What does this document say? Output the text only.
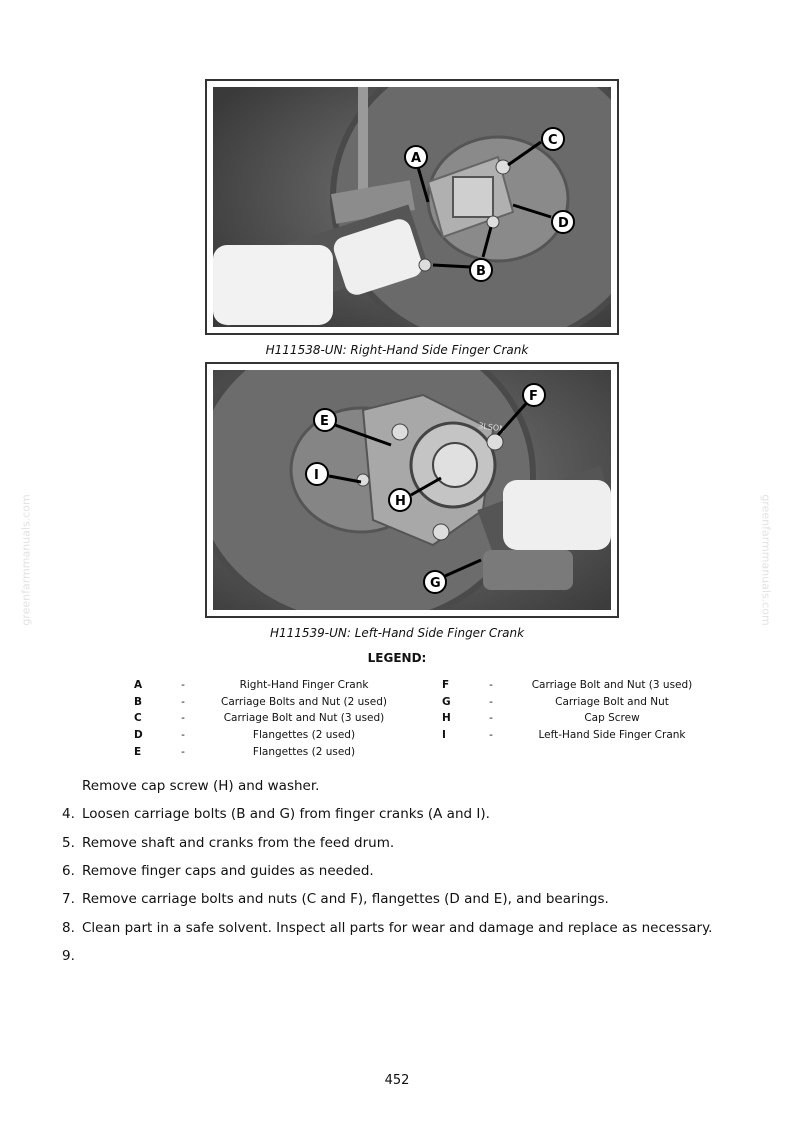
A
C
D
B
H111538-UN: Right-Hand Side Finger Crank
3LSON
E
F
H
I
G
H111539-UN: Left-Hand Side Finger Crank
LEGEND:
A	-	Right-Hand Finger Crank	F	-	Carriage Bolt and Nut (3 used)
B	-	Carriage Bolts and Nut (2 used)	G	-	Carriage Bolt and Nut
C	-	Carriage Bolt and Nut (3 used)	H	-	Cap Screw
D	-	Flangettes (2 used)	I	-	Left-Hand Side Finger Crank
E	-	Flangettes (2 used)
Remove cap screw (H) and washer.
4. Loosen carriage bolts (B and G) from finger cranks (A and I).
5. Remove shaft and cranks from the feed drum.
6. Remove finger caps and guides as needed.
7. Remove carriage bolts and nuts (C and F), flangettes (D and E), and bearings.
8. Clean part in a safe solvent. Inspect all parts for wear and damage and replace as necessary.
9.
greenfarmmanuals.com	greenfarmmanuals.com
452
